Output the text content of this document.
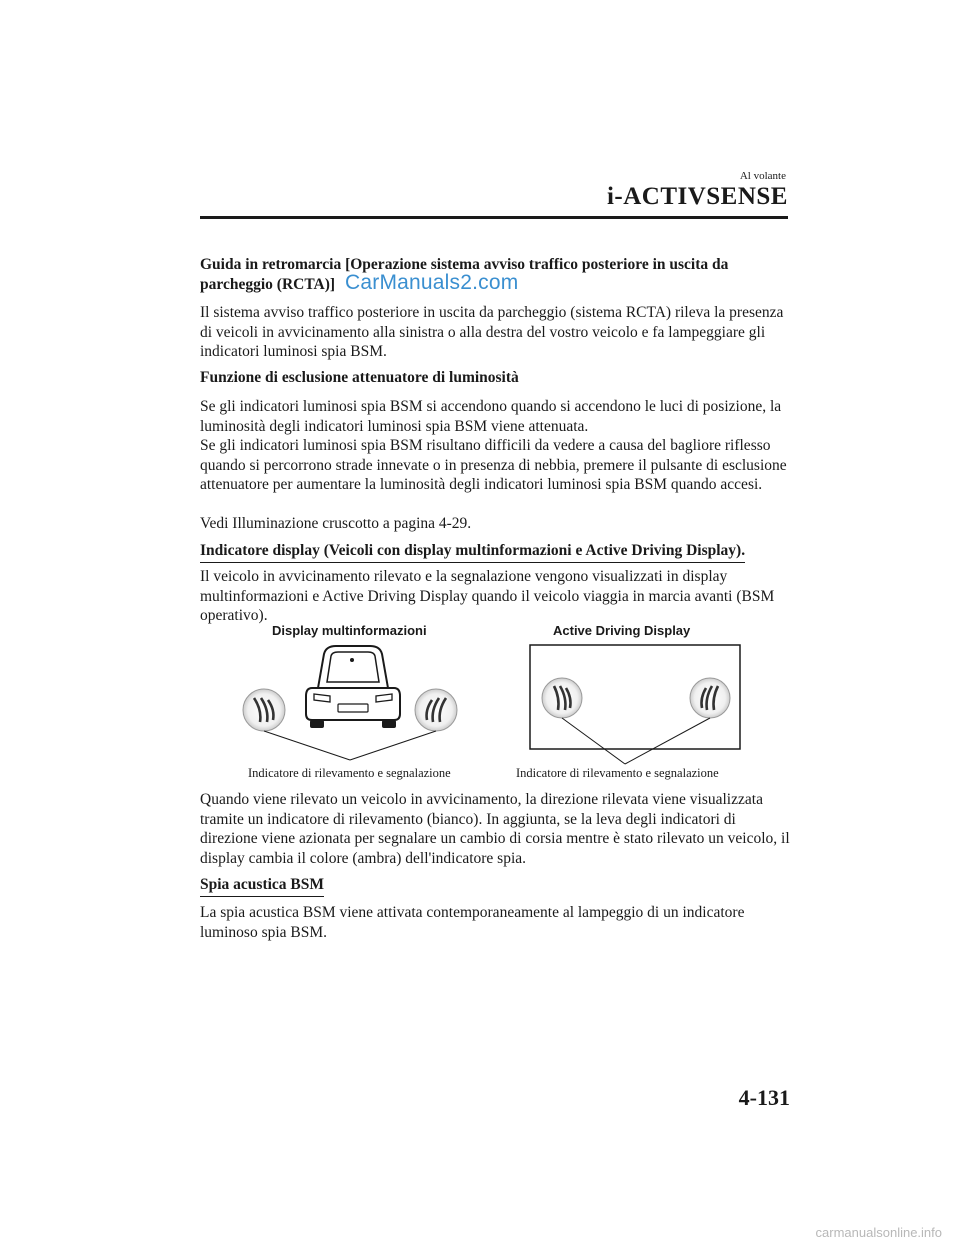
Al volante
i-ACTIVSENSE

Guida in retromarcia [Operazione sistema avviso traffico posteriore in uscita da parcheggio (RCTA)] CarManuals2.com

Il sistema avviso traffico posteriore in uscita da parcheggio (sistema RCTA) rileva la presenza di veicoli in avvicinamento alla sinistra o alla destra del vostro veicolo e fa lampeggiare gli indicatori luminosi spia BSM.

Funzione di esclusione attenuatore di luminosità

Se gli indicatori luminosi spia BSM si accendono quando si accendono le luci di posizione, la luminosità degli indicatori luminosi spia BSM viene attenuata.

Se gli indicatori luminosi spia BSM risultano difficili da vedere a causa del bagliore riflesso quando si percorrono strade innevate o in presenza di nebbia, premere il pulsante di esclusione attenuatore per aumentare la luminosità degli indicatori luminosi spia BSM quando accesi.

Vedi Illuminazione cruscotto a pagina 4-29.

Indicatore display (Veicoli con display multinformazioni e Active Driving Display).

Il veicolo in avvicinamento rilevato e la segnalazione vengono visualizzati in display multinformazioni e Active Driving Display quando il veicolo viaggia in marcia avanti (BSM operativo).

Display multinformazioni	Active Driving Display
Indicatore di rilevamento e segnalazione	Indicatore di rilevamento e segnalazione

Quando viene rilevato un veicolo in avvicinamento, la direzione rilevata viene visualizzata tramite un indicatore di rilevamento (bianco). In aggiunta, se la leva degli indicatori di direzione viene azionata per segnalare un cambio di corsia mentre è stato rilevato un veicolo, il display cambia il colore (ambra) dell'indicatore spia.

Spia acustica BSM

La spia acustica BSM viene attivata contemporaneamente al lampeggio di un indicatore luminoso spia BSM.

4-131
carmanualsonline.info
